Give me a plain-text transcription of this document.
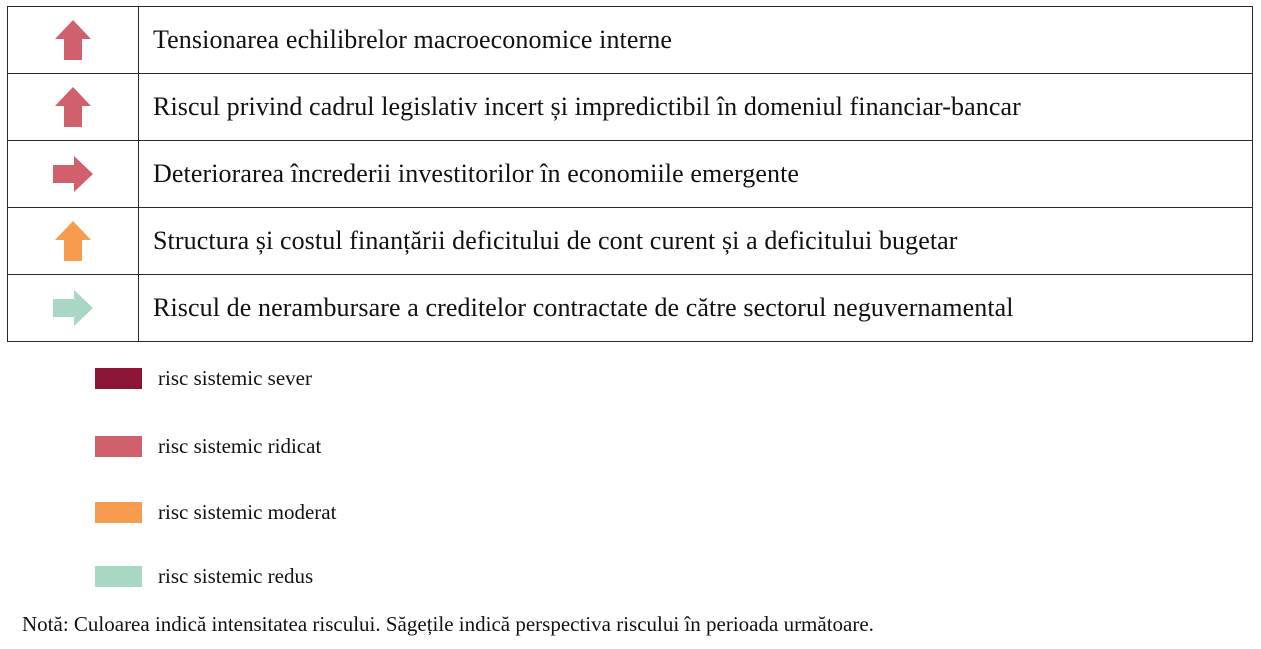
	Tensionarea echilibrelor macroeconomice interne

	Riscul privind cadrul legislativ incert și impredictibil în domeniul financiar-bancar

	Deteriorarea încrederii investitorilor în economiile emergente

	Structura și costul finanțării deficitului de cont curent și a deficitului bugetar

	Riscul de nerambursare a creditelor contractate de către sectorul neguvernamental
risc sistemic sever
risc sistemic ridicat
risc sistemic moderat
risc sistemic redus
Notă: Culoarea indică intensitatea riscului. Săgețile indică perspectiva riscului în perioada următoare.
